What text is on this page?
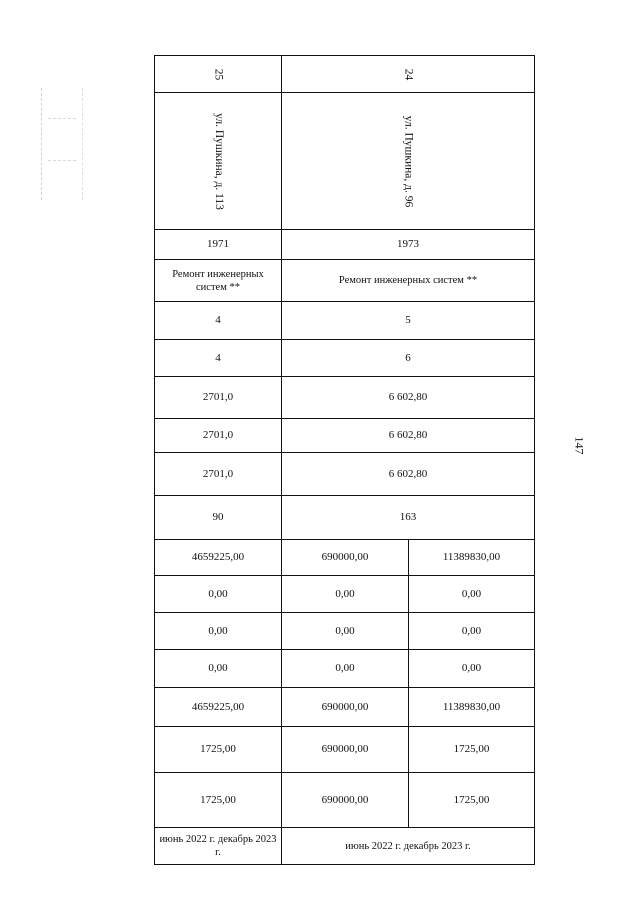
147
25	24	
ул. Пушкина, д. 113	ул. Пушкина, д. 96	
1971	1973	
Ремонт инженерных систем **	Ремонт инженерных систем **	
4	5	
4	6	
2701,0	6 602,80	
2701,0	6 602,80	
2701,0	6 602,80	
90	163	
4659225,00	690000,00	11389830,00
0,00	0,00	0,00
0,00	0,00	0,00
0,00	0,00	0,00
4659225,00	690000,00	11389830,00
1725,00	690000,00	1725,00
1725,00	690000,00	1725,00
июнь 2022 г. декабрь 2023 г.	июнь 2022 г. декабрь 2023 г.	
